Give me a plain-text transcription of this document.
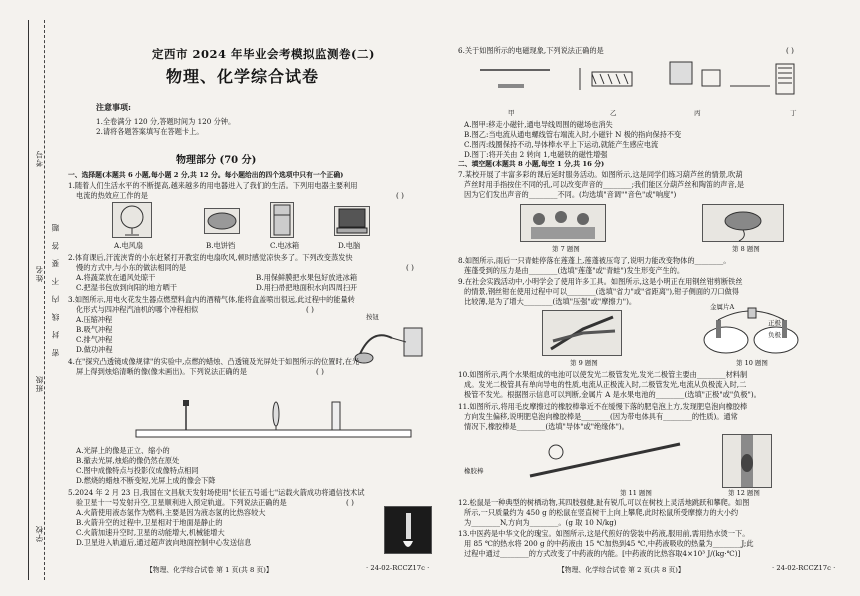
考号
姓名
班级
学校
密 封 线 内 不 要 答 题
定西市 2024 年毕业会考模拟监测卷(二)
物理、化学综合试卷
注意事项:
1.全卷满分 120 分,答题时间为 120 分钟。
2.请将各题答案填写在答题卡上。
物理部分 (70 分)
一、选择题(本题共 6 小题,每小题 2 分,共 12 分。每小题给出的四个选项中只有一个正确)
1.随着人们生活水平的不断提高,越来越多的用电器进入了我们的生活。下列用电器主要利用
电流的热效应工作的是	( )
A.电风扇	B.电饼铛	C.电冰箱	D.电脑
2.体育课后,汗流浃背的小东赶紧打开教室的电扇吹风,顿时感觉凉快多了。下列改变蒸发快
慢的方式中,与小东的做法相同的是	( )
A.将蔬菜放在通风处晾干	B.用保鲜膜把水果包好放进冰箱
C.把湿书包放到向阳的地方晒干	D.用扫帚把地面积水向四周扫开
3.如图所示,用电火花发生器点燃塑料盒内的酒精气体,能将盒盖喷出很远,此过程中的能量转
化形式与四冲程汽油机的哪个冲程相似	( )
A.压缩冲程
B.吸气冲程
C.排气冲程
D.做功冲程
按钮
4.在"探究凸透镜成像规律"的实验中,点燃的蜡烛、凸透镜及光屏处于如图所示的位置时,在光
屏上得到烛焰清晰的像(像未画出)。下列说法正确的是	( )
A.光屏上的像是正立、缩小的
B.撤去光屏,烛焰的像仍然在原处
C.图中成像特点与投影仪成像特点相同
D.燃烧的蜡烛不断变短,光屏上成的像会下降
5.2024 年 2 月 23 日,我国在文昌航天发射场使用"长征五号遥七"运载火箭成功将通信技术试
验卫星十一号发射升空,卫星顺利进入预定轨道。下列说法正确的是	( )
A.火箭使用液态氢作为燃料,主要是因为液态氢的比热容较大
B.火箭升空的过程中,卫星相对于地面是静止的
C.火箭加速升空时,卫星的动能增大,机械能增大
D.卫星进入轨道后,通过超声波向地面控制中心发送信息
【物理、化学综合试卷 第 1 页(共 8 页)】	· 24-02-RCCZ17c ·
6.关于如图所示的电磁现象,下列说法正确的是	( )
甲	乙	丙	丁
A.图甲:移走小磁针,通电导线周围的磁场也消失
B.图乙:当电流从通电螺线管右端流入时,小磁针 N 极的指向保持不变
C.图丙:线圈保持不动,导体棒水平上下运动,就能产生感应电流
D.图丁:将开关由 2 转向 1,电磁铁的磁性增强
二、填空题(本题共 8 小题,每空 1 分,共 16 分)
7.某校开展了丰富多彩的课后延时服务活动。如图所示,这是同学们练习葫芦丝的情景,吹葫
芦丝时用手指按住不同的孔,可以改变声音的________;我们能区分葫芦丝和陶笛的声音,是
因为它们发出声音的________不同。(均选填"音调""音色"或"响度")
第 7 题图	第 8 题图
8.如图所示,雨后一只青蛙停落在莲蓬上,莲蓬被压弯了,说明力能改变物体的________。
莲蓬受到的压力是由________(选填"莲蓬"或"青蛙")发生形变产生的。
9.在社会实践活动中,小明学会了使用许多工具。如图所示,这是小明正在用钢丝钳剪断铁丝
的情景,钢丝钳在使用过程中可以________(选填"省力"或"省距离"),钳子侧面的刀口做得
比较薄,是为了增大________(选填"压强"或"摩擦力")。
金属片A
正极
负极
第 9 题图	第 10 题图
10.如图所示,两个水果组成的电池可以使发光二极管发光,发光二极管主要由________材料制
成。发光二极管具有单向导电的性质,电流从正极流入时,二极管发光,电流从负极流入时,二
极管不发光。根据图示信息可以判断,金属片 A 是水果电池的________(选填"正极"或"负极")。
11.如图所示,将用毛皮摩擦过的橡胶棒靠近不在缓慢下落的肥皂泡上方,发现肥皂泡向橡胶棒
方向发生偏移,说明肥皂泡向橡胶棒是________(因为带电体具有________的性质)。通常
情况下,橡胶棒是________(选填"导体"或"绝缘体")。
橡胶棒
第 11 题图	第 12 题图
12.松鼠是一种典型的树栖动物,其四肢强健,趾有锐爪,可以在树枝上灵活地跳跃和攀爬。如图
所示,一只质量约为 450 g 的松鼠在竖直树干上向上攀爬,此时松鼠所受摩擦力的大小约
为________N,方向为________。(g 取 10 N/kg)
13.中医药是中华文化的瑰宝。如图所示,这是代煎好的袋装中药液,服用前,需用热水烫一下。
用 85 ℃的热水将 200 g 的中药液由 15 ℃加热到45 ℃,中药液吸收的热量为________J;此
过程中通过________的方式改变了中药液的内能。[中药液的比热容取4×10³ J/(kg·℃)]
【物理、化学综合试卷 第 2 页(共 8 页)】	· 24-02-RCCZ17c ·
